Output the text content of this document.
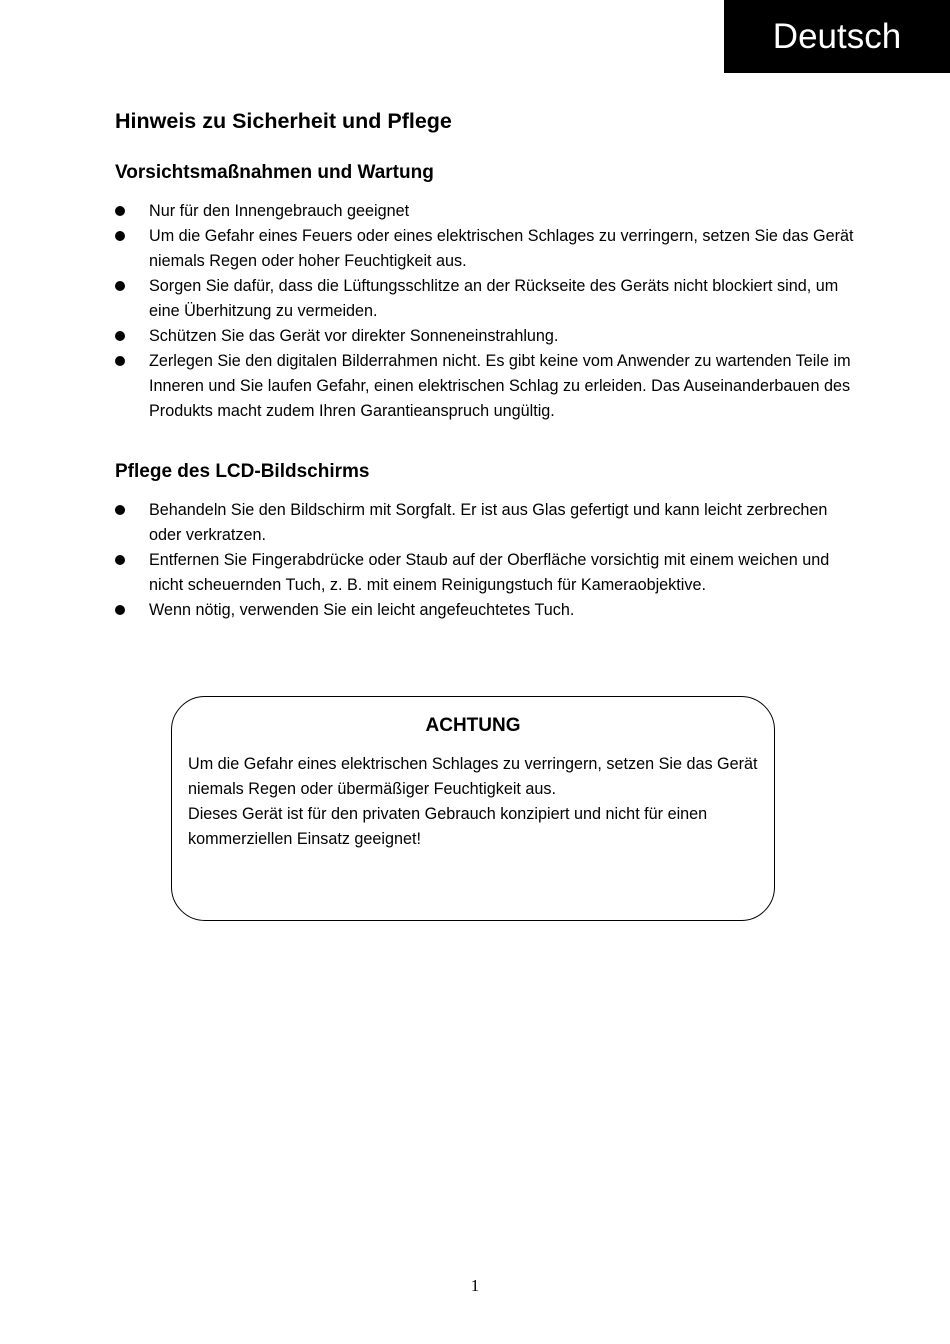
Deutsch
Hinweis zu Sicherheit und Pflege
Vorsichtsmaßnahmen und Wartung
Nur für den Innengebrauch geeignet
Um die Gefahr eines Feuers oder eines elektrischen Schlages zu verringern, setzen Sie das Gerät niemals Regen oder hoher Feuchtigkeit aus.
Sorgen Sie dafür, dass die Lüftungsschlitze an der Rückseite des Geräts nicht blockiert sind, um eine Überhitzung zu vermeiden.
Schützen Sie das Gerät vor direkter Sonneneinstrahlung.
Zerlegen Sie den digitalen Bilderrahmen nicht. Es gibt keine vom Anwender zu wartenden Teile im Inneren und Sie laufen Gefahr, einen elektrischen Schlag zu erleiden. Das Auseinanderbauen des Produkts macht zudem Ihren Garantieanspruch ungültig.
Pflege des LCD-Bildschirms
Behandeln Sie den Bildschirm mit Sorgfalt. Er ist aus Glas gefertigt und kann leicht zerbrechen oder verkratzen.
Entfernen Sie Fingerabdrücke oder Staub auf der Oberfläche vorsichtig mit einem weichen und nicht scheuernden Tuch, z. B. mit einem Reinigungstuch für Kameraobjektive.
Wenn nötig, verwenden Sie ein leicht angefeuchtetes Tuch.
ACHTUNG

Um die Gefahr eines elektrischen Schlages zu verringern, setzen Sie das Gerät niemals Regen oder übermäßiger Feuchtigkeit aus.

Dieses Gerät ist für den privaten Gebrauch konzipiert und nicht für einen kommerziellen Einsatz geeignet!

1
